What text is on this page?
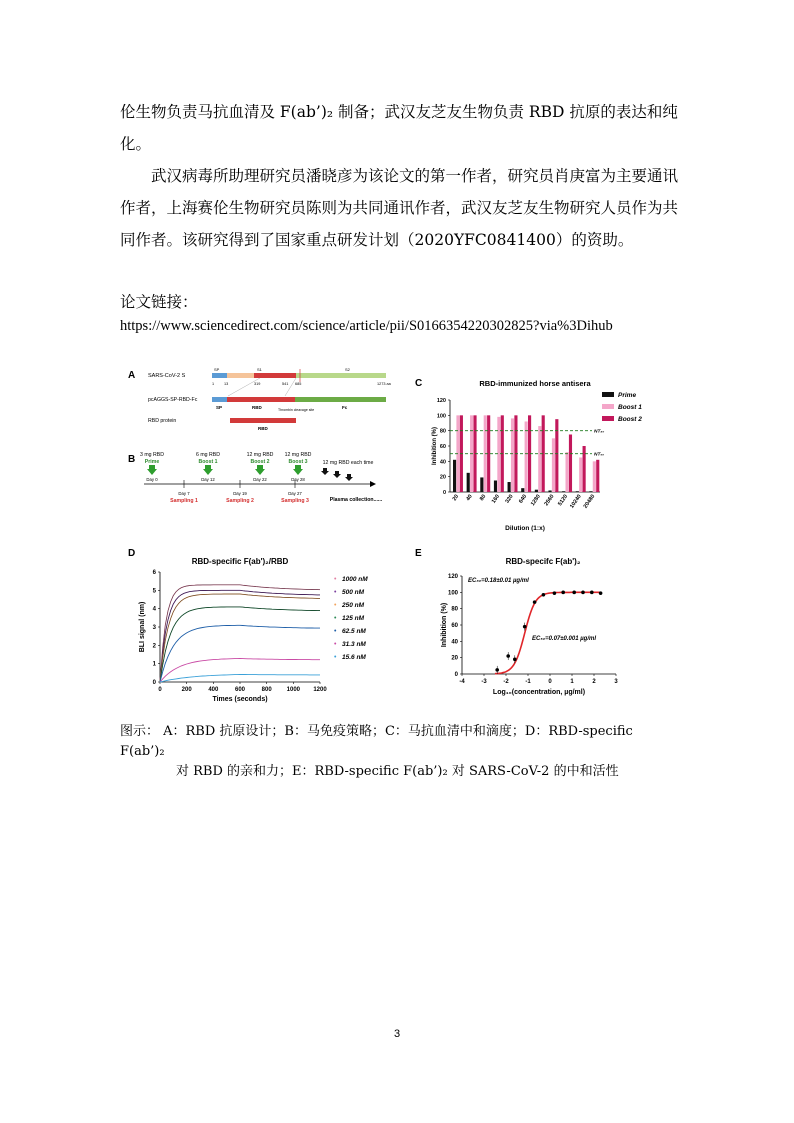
伦生物负责马抗血清及 F(ab’)₂ 制备；武汉友芝友生物负责 RBD 抗原的表达和纯
化。

武汉病毒所助理研究员潘晓彦为该论文的第一作者，研究员肖庚富为主要通讯作者，上海赛伦生物研究员陈则为共同通讯作者，武汉友芝友生物研究人员作为共同作者。该研究得到了国家重点研发计划（2020YFC0841400）的资助。

论文链接：
https://www.sciencedirect.com/science/article/pii/S0166354220302825?via%3Dihub
A SARS-CoV-2 S
SP	S1	S2
1	13	319	541 685	1273 aa
pcAGGS-SP-RBD-Fc
SP	RBD	Fc
Thrombin cleavage site
RBD protein
RBD
B 3 mg RBD
Prime
Day 0
6 mg RBD
Boost 1
Day 12
12 mg RBD
Boost 2
Day 22
12 mg RBD
Boost 3
Day 28
12 mg RBD each time
Day 7
Sampling 1
Day 19
Sampling 2
Day 27
Sampling 3	Plasma collection......
C	RBD-immunized horse antisera
0
20
40
60
80
100
120
Inhibition (%)
20 40 80 160 320 640 1280 2560 5120 10240 20480
NT₈₀
NT₅₀
Dilution (1:x)
Prime
Boost 1
Boost 2
D
RBD-specific F(ab')₂/RBD
0
1
2
3
4
5
6
0	200	400	600	800 1000 1200
BLI signal (nm)
Times (seconds)
• 1000 nM
• 500 nM
• 250 nM
• 125 nM
• 62.5 nM
• 31.3 nM
• 15.6 nM
E
RBD-specifc F(ab')₂
0
20
40
60
80
100
120
-4	-3	-2	-1	0	1	2	3
Inhibition (%)
Log₁₀(concentration, µg/ml)
EC₈₀=0.18±0.01 µg/ml
EC₅₀=0.07±0.001 µg/ml
图示： A：RBD 抗原设计；B：马免疫策略；C：马抗血清中和滴度；D：RBD-specific F(ab’)₂
对 RBD 的亲和力；E：RBD-specific F(ab’)₂ 对 SARS-CoV-2 的中和活性
3
